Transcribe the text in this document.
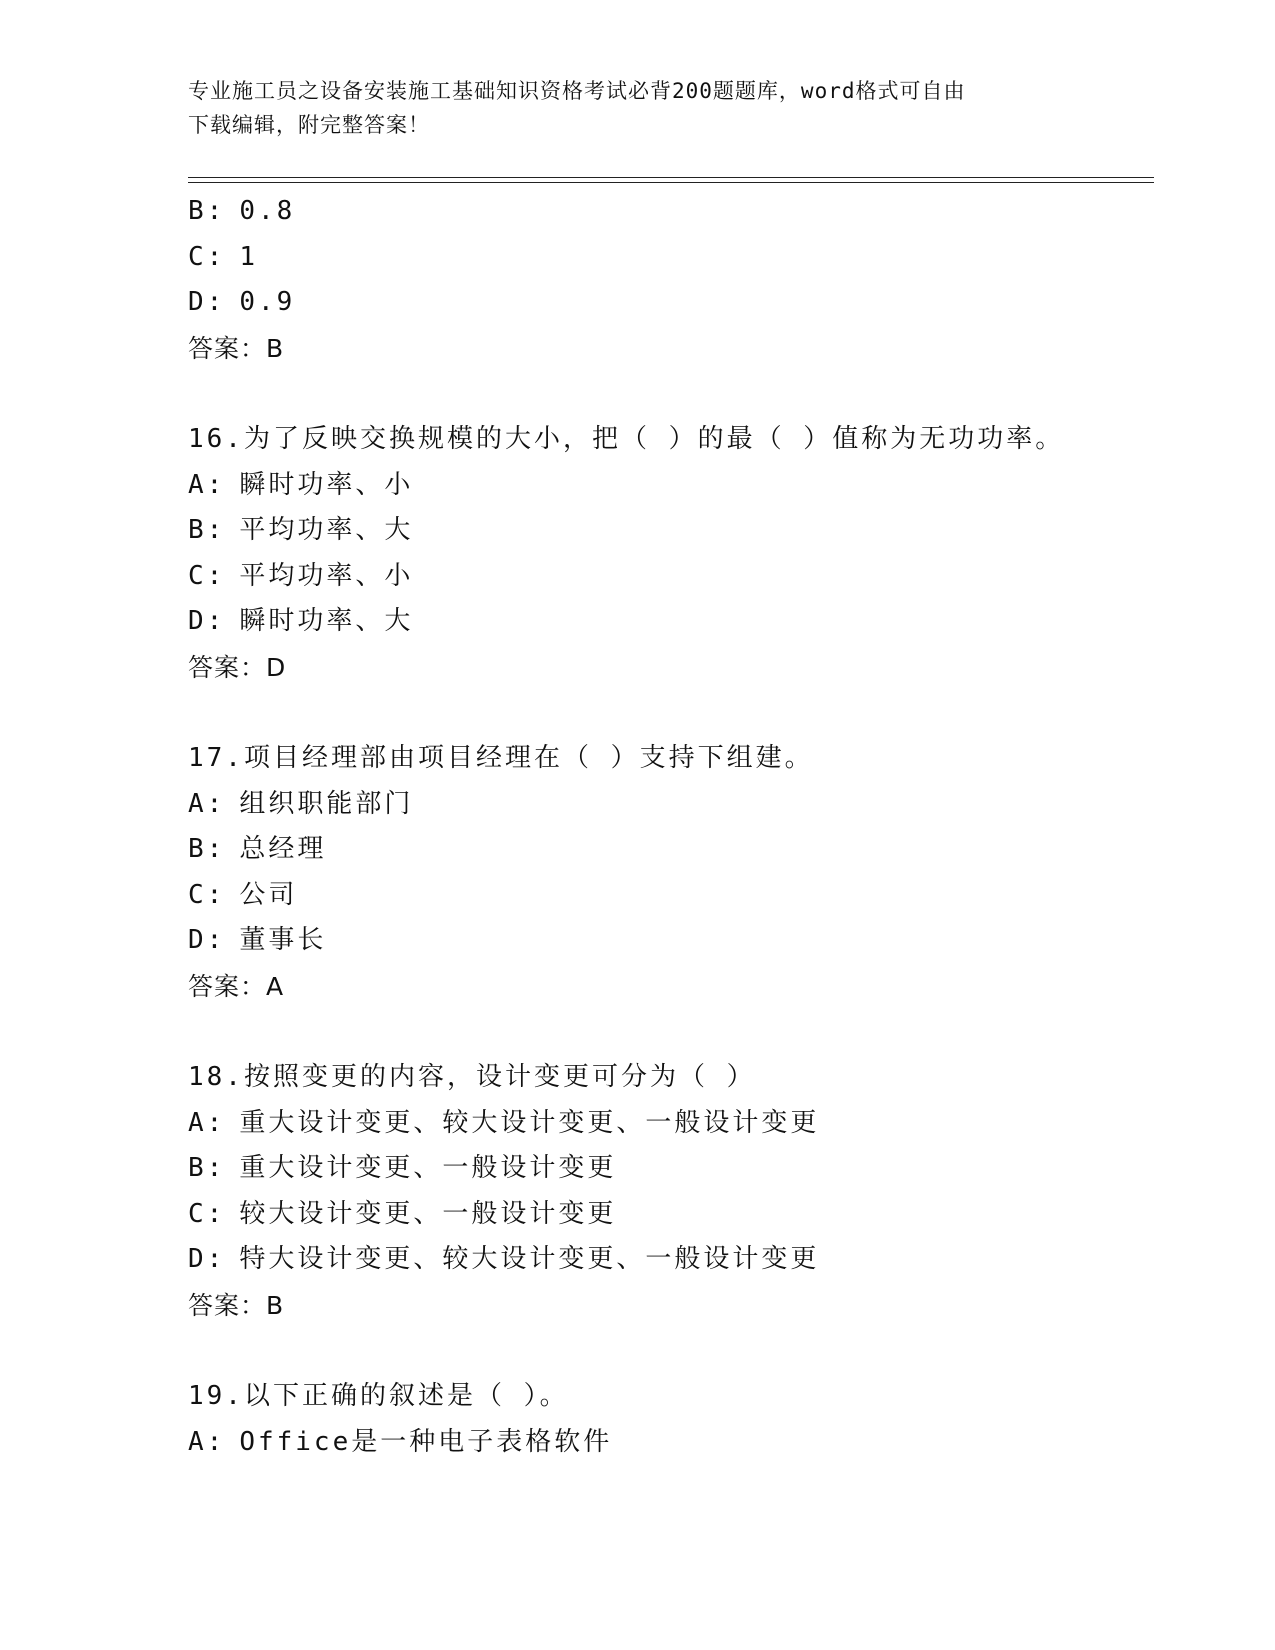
专业施工员之设备安装施工基础知识资格考试必背200题题库，word格式可自由
下载编辑，附完整答案！
B: 0.8
C: 1
D: 0.9
答案：B
16. 为了反映交换规模的大小，把（ ）的最（ ）值称为无功功率。
A: 瞬时功率、小
B: 平均功率、大
C: 平均功率、小
D: 瞬时功率、大
答案：D
17. 项目经理部由项目经理在（ ）支持下组建。
A: 组织职能部门
B: 总经理
C: 公司
D: 董事长
答案：A
18. 按照变更的内容，设计变更可分为（ ）
A: 重大设计变更、较大设计变更、一般设计变更
B: 重大设计变更、一般设计变更
C: 较大设计变更、一般设计变更
D: 特大设计变更、较大设计变更、一般设计变更
答案：B
19. 以下正确的叙述是（ ）。
A: Office是一种电子表格软件
